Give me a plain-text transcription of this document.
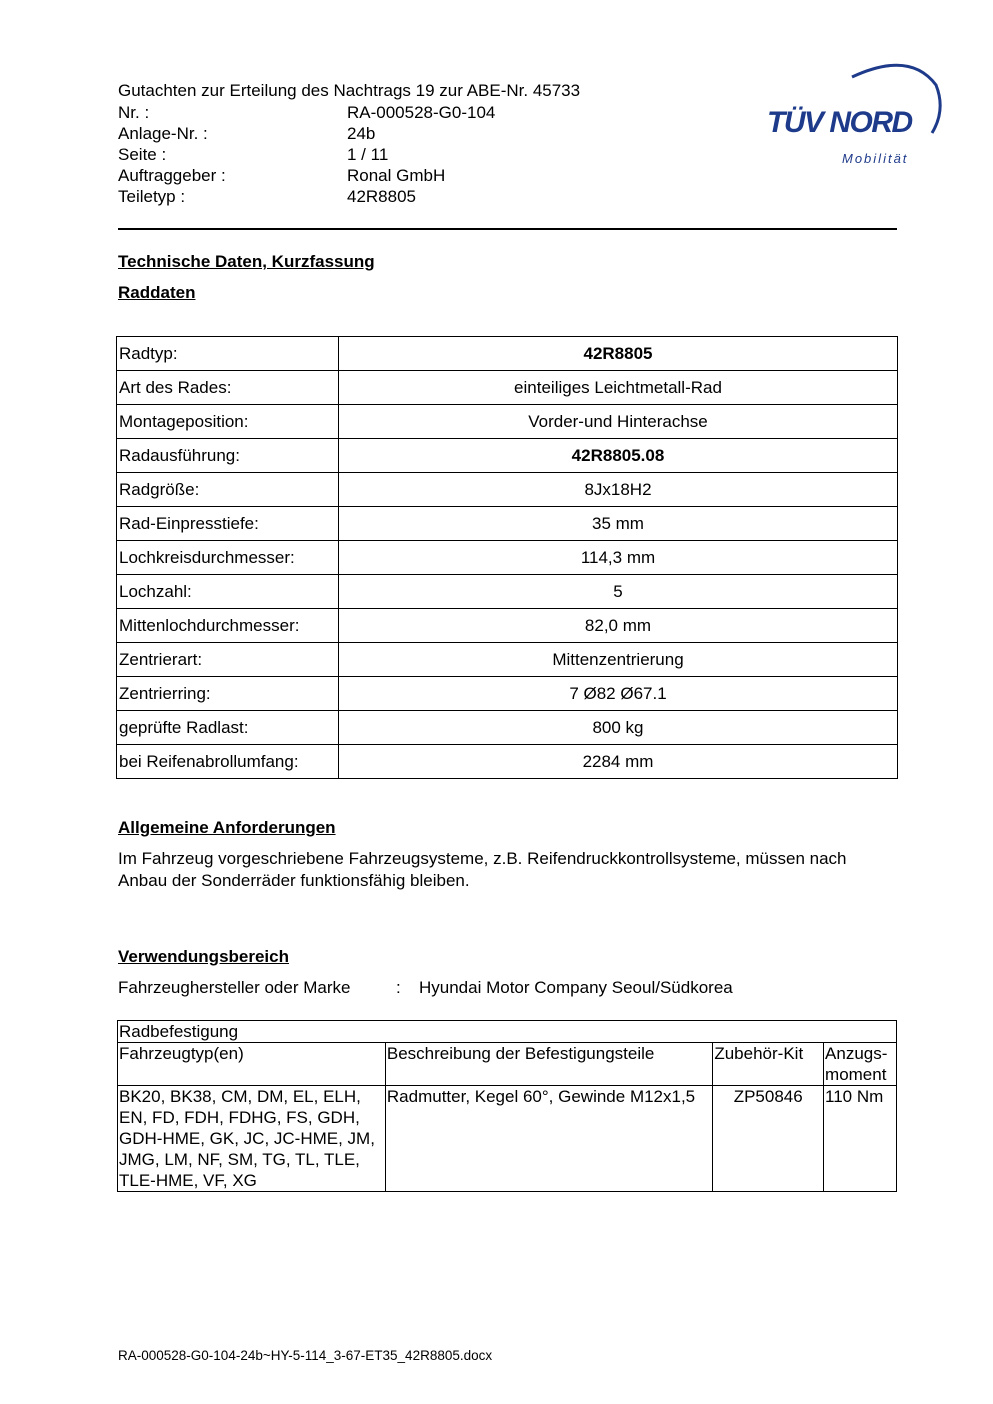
Gutachten zur Erteilung des Nachtrags 19 zur ABE-Nr. 45733
Nr. :	RA-000528-G0-104
Anlage-Nr. :	24b
Seite :	1 / 11
Auftraggeber :	Ronal GmbH
Teiletyp :	42R8805
TÜV NORD
Mobilität
Technische Daten, Kurzfassung
Raddaten
Radtyp:	42R8805
Art des Rades:	einteiliges Leichtmetall-Rad
Montageposition:	Vorder-und Hinterachse
Radausführung:	42R8805.08
Radgröße:	8Jx18H2
Rad-Einpresstiefe:	35 mm
Lochkreisdurchmesser:	114,3 mm
Lochzahl:	5
Mittenlochdurchmesser:	82,0 mm
Zentrierart:	Mittenzentrierung
Zentrierring:	7 Ø82 Ø67.1
geprüfte Radlast:	800 kg
bei Reifenabrollumfang:	2284 mm
Allgemeine Anforderungen
Im Fahrzeug vorgeschriebene Fahrzeugsysteme, z.B. Reifendruckkontrollsysteme, müssen nach Anbau der Sonderräder funktionsfähig bleiben.
Verwendungsbereich
Fahrzeughersteller oder Marke	: Hyundai Motor Company Seoul/Südkorea
Radbefestigung			
Fahrzeugtyp(en)	Beschreibung der Befestigungsteile	Zubehör-Kit	Anzugs-moment
BK20, BK38, CM, DM, EL, ELH, EN, FD, FDH, FDHG, FS, GDH, GDH-HME, GK, JC, JC-HME, JM, JMG, LM, NF, SM, TG, TL, TLE, TLE-HME, VF, XG	Radmutter, Kegel 60°, Gewinde M12x1,5	ZP50846	110 Nm
RA-000528-G0-104-24b~HY-5-114_3-67-ET35_42R8805.docx
